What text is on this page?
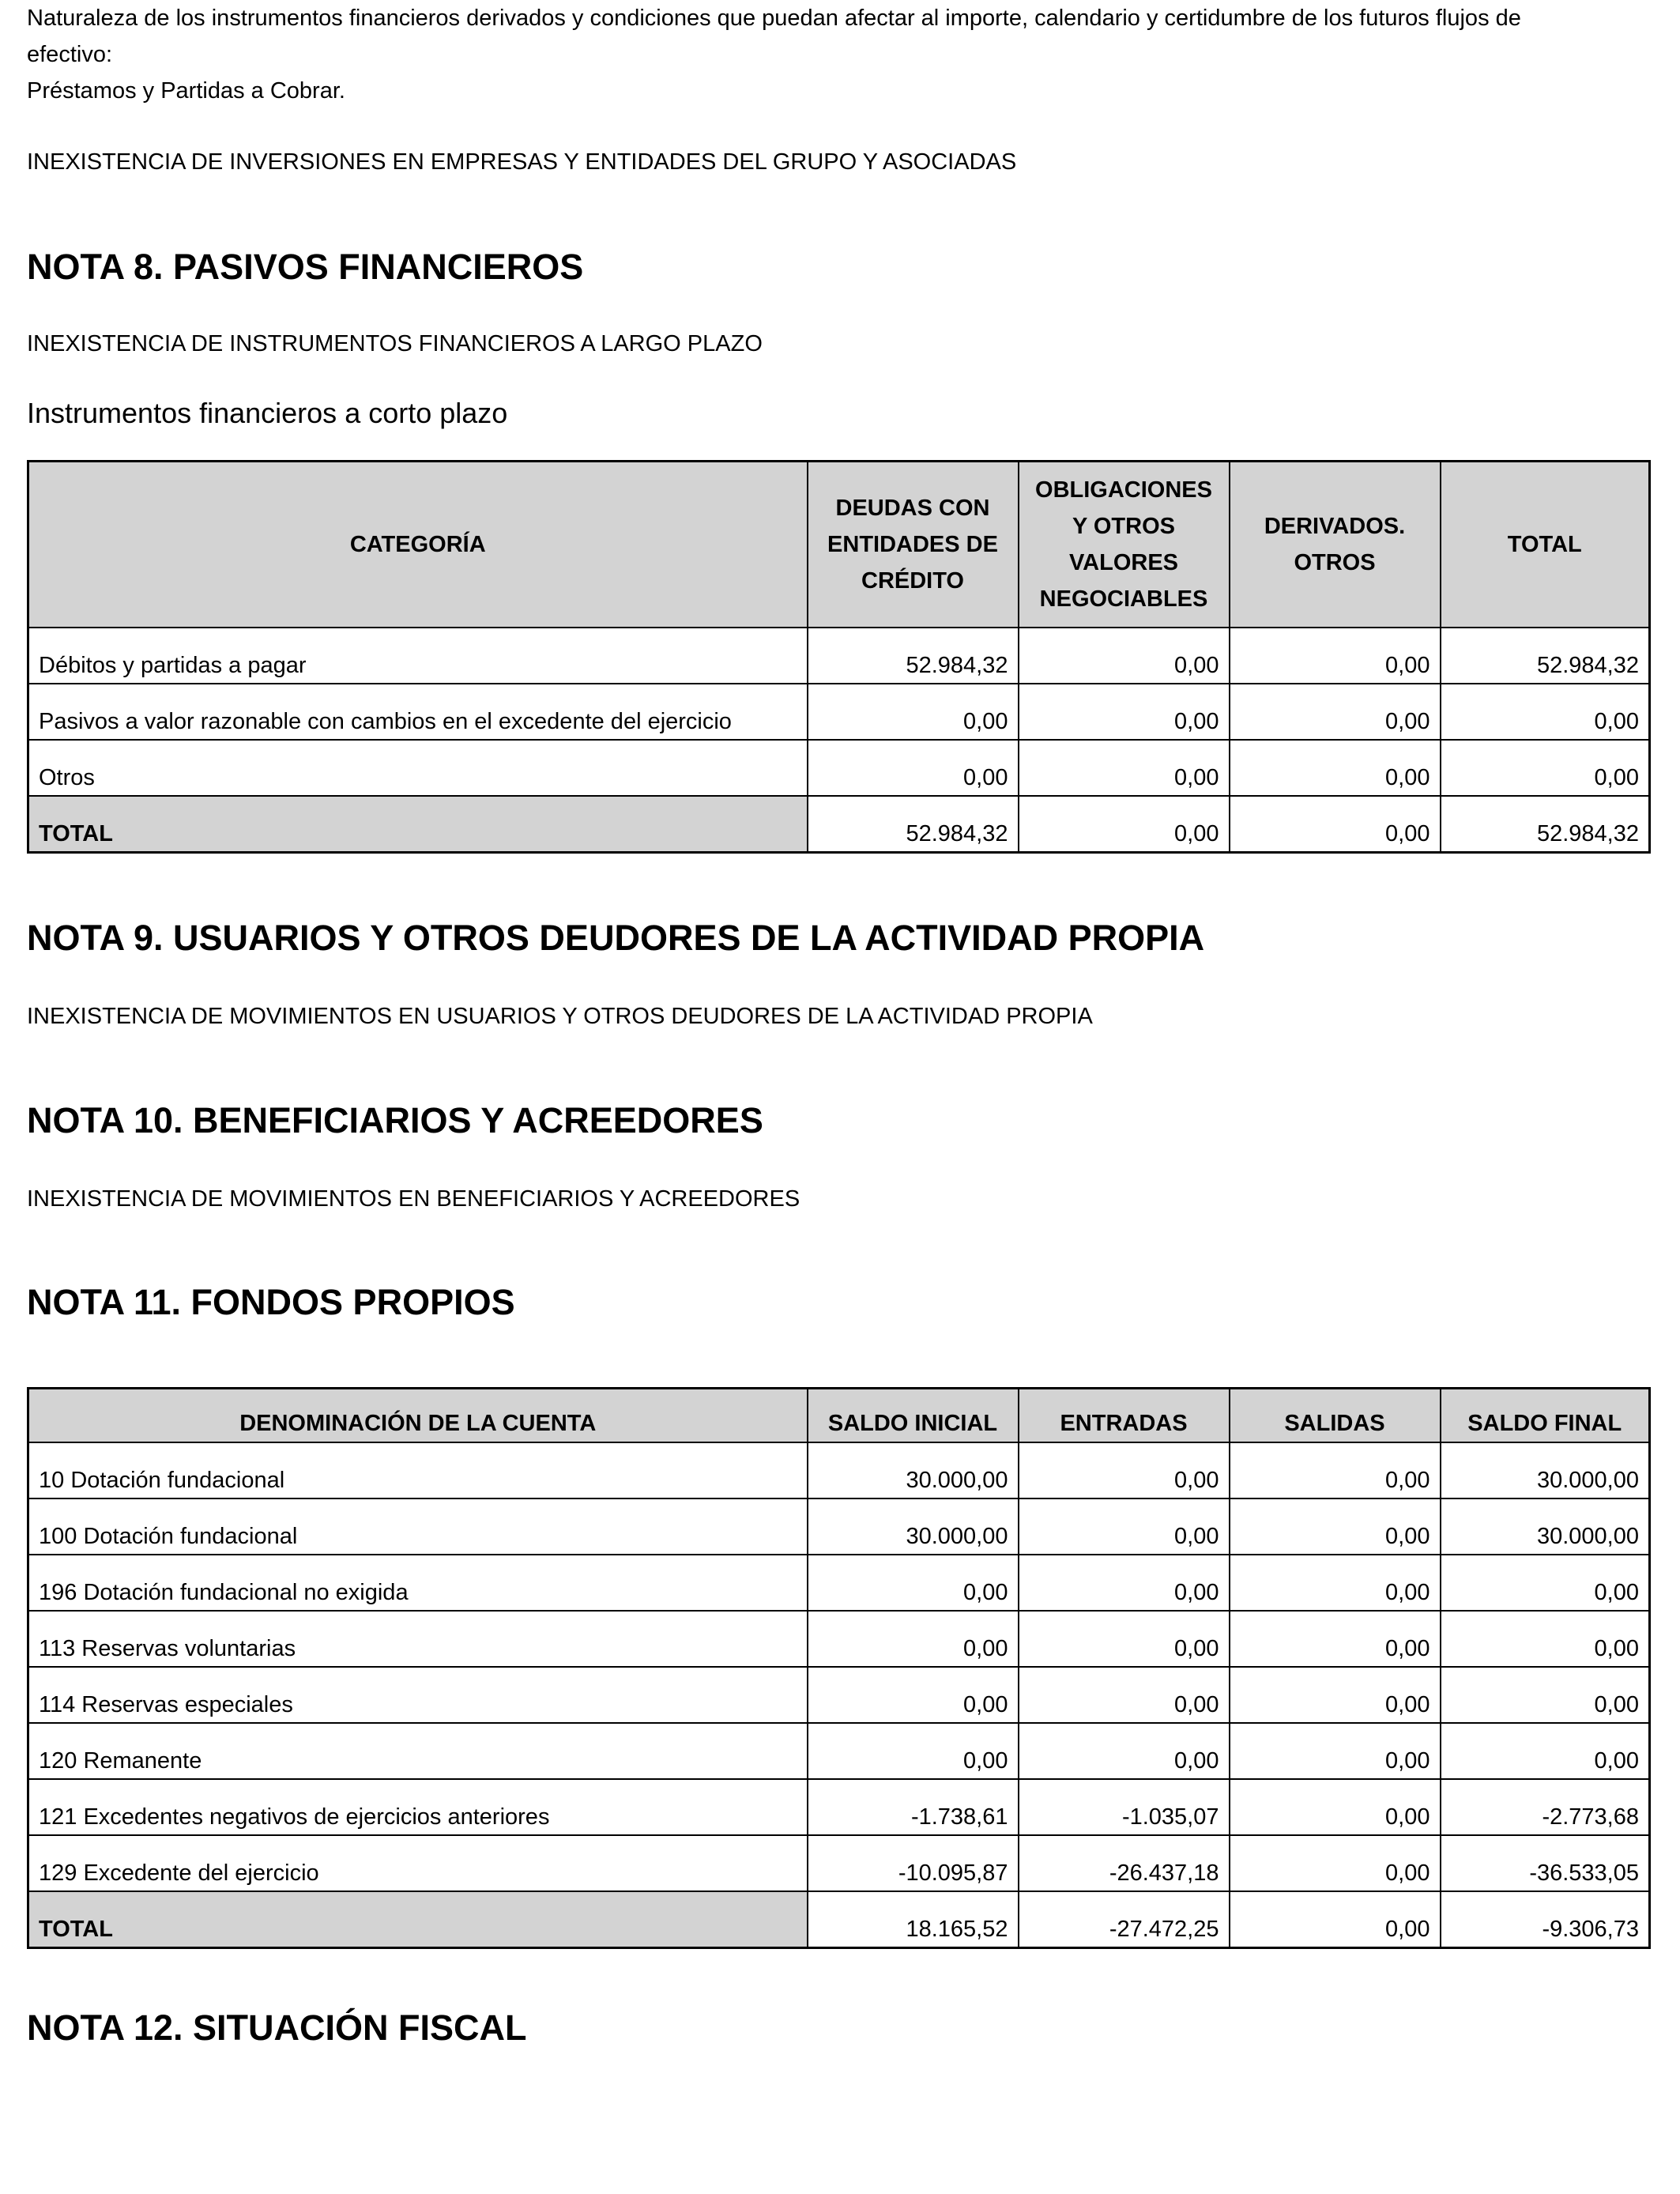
Naturaleza de los instrumentos financieros derivados y condiciones que puedan afectar al importe, calendario y certidumbre de los futuros flujos de
efectivo:
Préstamos y Partidas a Cobrar.
INEXISTENCIA DE INVERSIONES EN EMPRESAS Y ENTIDADES DEL GRUPO Y ASOCIADAS
NOTA 8. PASIVOS FINANCIEROS
INEXISTENCIA DE INSTRUMENTOS FINANCIEROS A LARGO PLAZO
Instrumentos financieros a corto plazo
CATEGORÍA	DEUDAS CON ENTIDADES DE CRÉDITO	OBLIGACIONES Y OTROS VALORES NEGOCIABLES	DERIVADOS. OTROS	TOTAL
Débitos y partidas a pagar	52.984,32	0,00	0,00	52.984,32
Pasivos a valor razonable con cambios en el excedente del ejercicio	0,00	0,00	0,00	0,00
Otros	0,00	0,00	0,00	0,00
TOTAL	52.984,32	0,00	0,00	52.984,32
NOTA 9. USUARIOS Y OTROS DEUDORES DE LA ACTIVIDAD PROPIA
INEXISTENCIA DE MOVIMIENTOS EN USUARIOS Y OTROS DEUDORES DE LA ACTIVIDAD PROPIA
NOTA 10. BENEFICIARIOS Y ACREEDORES
INEXISTENCIA DE MOVIMIENTOS EN BENEFICIARIOS Y ACREEDORES
NOTA 11. FONDOS PROPIOS
DENOMINACIÓN DE LA CUENTA	SALDO INICIAL	ENTRADAS	SALIDAS	SALDO FINAL
10 Dotación fundacional	30.000,00	0,00	0,00	30.000,00
100 Dotación fundacional	30.000,00	0,00	0,00	30.000,00
196 Dotación fundacional no exigida	0,00	0,00	0,00	0,00
113 Reservas voluntarias	0,00	0,00	0,00	0,00
114 Reservas especiales	0,00	0,00	0,00	0,00
120 Remanente	0,00	0,00	0,00	0,00
121 Excedentes negativos de ejercicios anteriores	-1.738,61	-1.035,07	0,00	-2.773,68
129 Excedente del ejercicio	-10.095,87	-26.437,18	0,00	-36.533,05
TOTAL	18.165,52	-27.472,25	0,00	-9.306,73
NOTA 12. SITUACIÓN FISCAL
